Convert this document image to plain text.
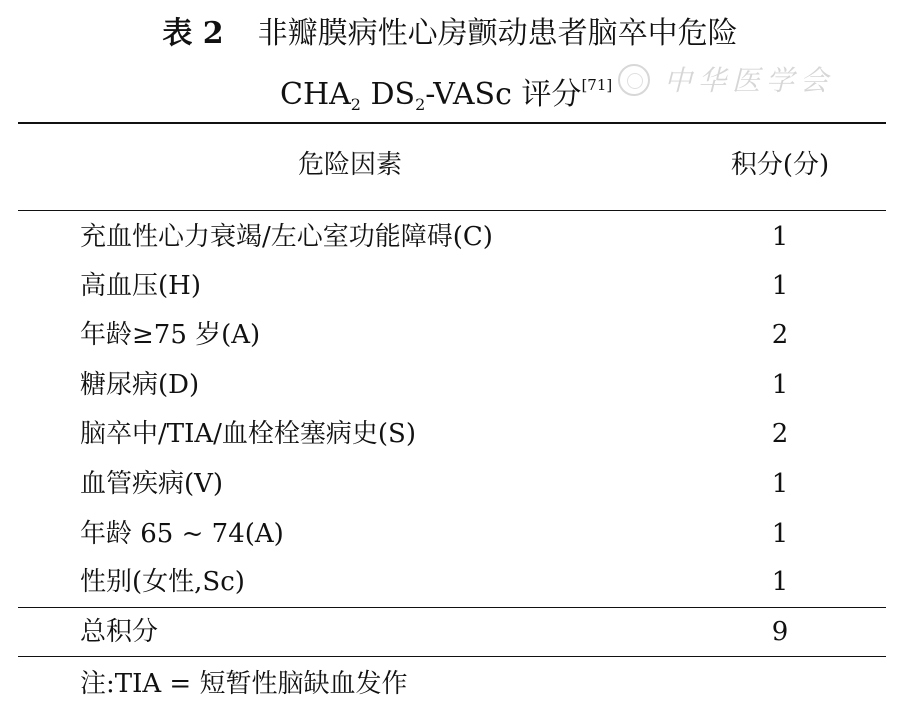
表 2 非瓣膜病性心房颤动患者脑卒中危险
$CHA_2$ $DS_2$-VASc 评分[71] 中华医学会
危险因素	积分(分)
充血性心力衰竭/左心室功能障碍(C)	1
高血压(H)	1
年龄≥75 岁(A)	2
糖尿病(D)	1
脑卒中/TIA/血栓栓塞病史(S)	2
血管疾病(V)	1
年龄 65 ~ 74(A)	1
性别(女性,Sc)	1
总积分	9
注:TIA = 短暂性脑缺血发作
